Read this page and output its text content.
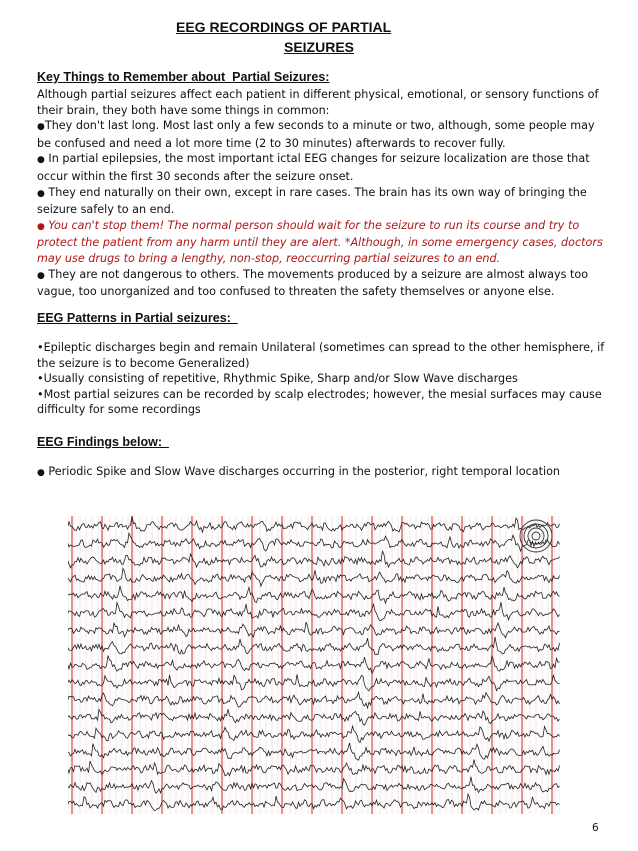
EEG RECORDINGS OF PARTIAL
SEIZURES
Key Things to Remember about  Partial Seizures:

Although partial seizures affect each patient in different physical, emotional, or sensory functions of their brain, they both have some things in common:

●They don't last long. Most last only a few seconds to a minute or two, although, some people may be confused and need a lot more time (2 to 30 minutes) afterwards to recover fully.

● In partial epilepsies, the most important ictal EEG changes for seizure localization are those that occur within the first 30 seconds after the seizure onset.

● They end naturally on their own, except in rare cases. The brain has its own way of bringing the seizure safely to an end.

● You can't stop them! The normal person should wait for the seizure to run its course and try to protect the patient from any harm until they are alert. *Although, in some emergency cases, doctors may use drugs to bring a lengthy, non-stop, reoccurring partial seizures to an end.

● They are not dangerous to others. The movements produced by a seizure are almost always too vague, too unorganized and too confused to threaten the safety themselves or anyone else.

EEG Patterns in Partial seizures:

•Epileptic discharges begin and remain Unilateral (sometimes can spread to the other hemisphere, if the seizure is to become Generalized)

•Usually consisting of repetitive, Rhythmic Spike, Sharp and/or Slow Wave discharges

•Most partial seizures can be recorded by scalp electrodes; however, the mesial surfaces may cause difficulty for some recordings

EEG Findings below:

● Periodic Spike and Slow Wave discharges occurring in the posterior, right temporal location

6
